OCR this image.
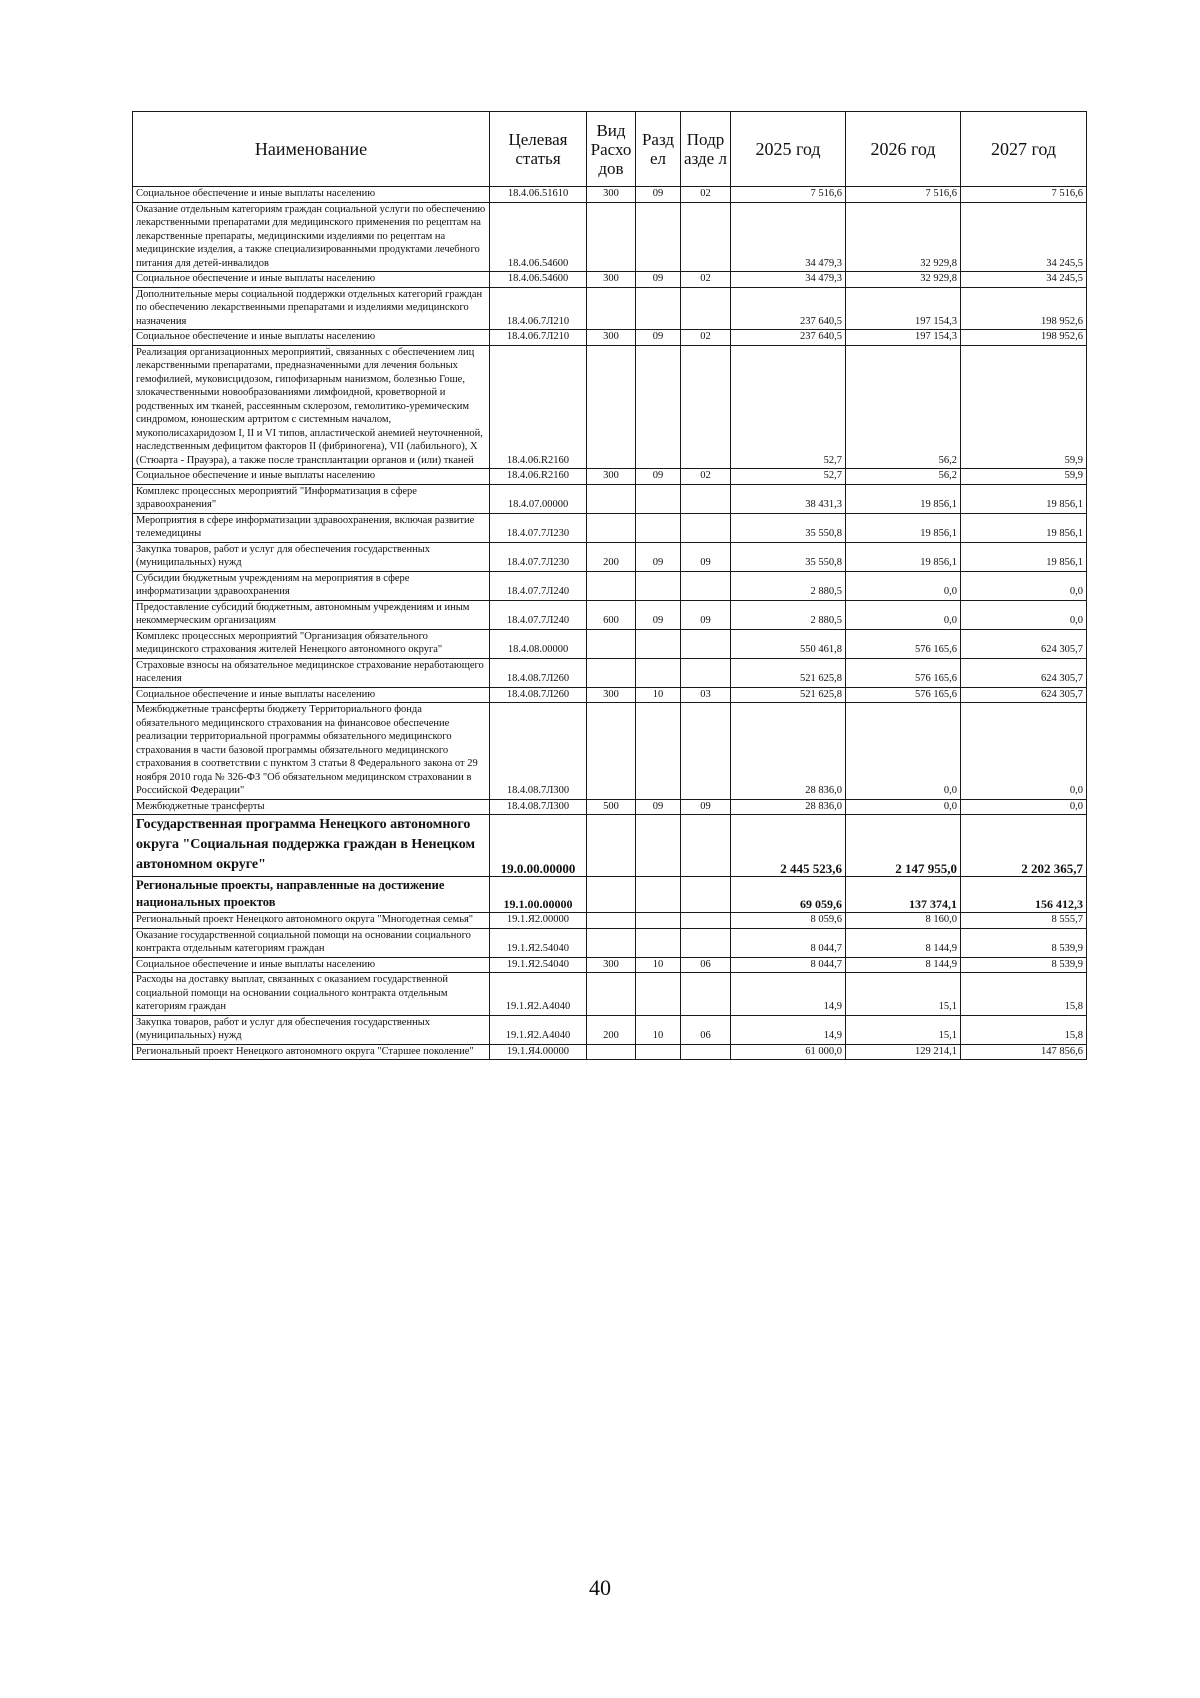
Наименование	Целевая статья	Вид Расхо дов	Разд ел	Подр азде л	2025 год	2026 год	2027 год
Социальное обеспечение и иные выплаты населению	18.4.06.51610	300	09	02	7 516,6	7 516,6	7 516,6
Оказание отдельным категориям граждан социальной услуги по обеспечению лекарственными препаратами для медицинского применения по рецептам на лекарственные препараты, медицинскими изделиями по рецептам на медицинские изделия, а также специализированными продуктами лечебного питания для детей-инвалидов	18.4.06.54600				34 479,3	32 929,8	34 245,5
Социальное обеспечение и иные выплаты населению	18.4.06.54600	300	09	02	34 479,3	32 929,8	34 245,5
Дополнительные меры социальной поддержки отдельных категорий граждан по обеспечению лекарственными препаратами и изделиями медицинского назначения	18.4.06.7Л210				237 640,5	197 154,3	198 952,6
Социальное обеспечение и иные выплаты населению	18.4.06.7Л210	300	09	02	237 640,5	197 154,3	198 952,6
Реализация организационных мероприятий, связанных с обеспечением лиц лекарственными препаратами, предназначенными для лечения больных гемофилией, муковисцидозом, гипофизарным нанизмом, болезнью Гоше, злокачественными новообразованиями лимфоидной, кроветворной и родственных им тканей, рассеянным склерозом, гемолитико-уремическим синдромом, юношеским артритом с системным началом, мукополисахаридозом I, II и VI типов, апластической анемией неуточненной, наследственным дефицитом факторов II (фибриногена), VII (лабильного), X (Стюарта - Прауэра), а также после трансплантации органов и (или) тканей	18.4.06.R2160				52,7	56,2	59,9
Социальное обеспечение и иные выплаты населению	18.4.06.R2160	300	09	02	52,7	56,2	59,9
Комплекс процессных мероприятий "Информатизация в сфере здравоохранения"	18.4.07.00000				38 431,3	19 856,1	19 856,1
Мероприятия в сфере информатизации здравоохранения, включая развитие телемедицины	18.4.07.7Л230				35 550,8	19 856,1	19 856,1
Закупка товаров, работ и услуг для обеспечения государственных (муниципальных) нужд	18.4.07.7Л230	200	09	09	35 550,8	19 856,1	19 856,1
Субсидии бюджетным учреждениям на мероприятия в сфере информатизации здравоохранения	18.4.07.7Л240				2 880,5	0,0	0,0
Предоставление субсидий бюджетным, автономным учреждениям и иным некоммерческим организациям	18.4.07.7Л240	600	09	09	2 880,5	0,0	0,0
Комплекс процессных мероприятий "Организация обязательного медицинского страхования жителей Ненецкого автономного округа"	18.4.08.00000				550 461,8	576 165,6	624 305,7
Страховые взносы на обязательное медицинское страхование неработающего населения	18.4.08.7Л260				521 625,8	576 165,6	624 305,7
Социальное обеспечение и иные выплаты населению	18.4.08.7Л260	300	10	03	521 625,8	576 165,6	624 305,7
Межбюджетные трансферты бюджету Территориального фонда обязательного медицинского страхования на финансовое обеспечение реализации территориальной программы обязательного медицинского страхования в части базовой программы обязательного медицинского страхования в соответствии с пунктом 3 статьи 8 Федерального закона от 29 ноября 2010 года № 326-ФЗ "Об обязательном медицинском страховании в Российской Федерации"	18.4.08.7Л300				28 836,0	0,0	0,0
Межбюджетные трансферты	18.4.08.7Л300	500	09	09	28 836,0	0,0	0,0
Государственная программа Ненецкого автономного округа "Социальная поддержка граждан в Ненецком автономном округе"	19.0.00.00000				2 445 523,6	2 147 955,0	2 202 365,7
Региональные проекты, направленные на достижение национальных проектов	19.1.00.00000				69 059,6	137 374,1	156 412,3
Региональный проект Ненецкого автономного округа "Многодетная семья"	19.1.Я2.00000				8 059,6	8 160,0	8 555,7
Оказание государственной социальной помощи на основании социального контракта отдельным категориям граждан	19.1.Я2.54040				8 044,7	8 144,9	8 539,9
Социальное обеспечение и иные выплаты населению	19.1.Я2.54040	300	10	06	8 044,7	8 144,9	8 539,9
Расходы на доставку выплат, связанных с оказанием государственной социальной помощи на основании социального контракта отдельным категориям граждан	19.1.Я2.А4040				14,9	15,1	15,8
Закупка товаров, работ и услуг для обеспечения государственных (муниципальных) нужд	19.1.Я2.А4040	200	10	06	14,9	15,1	15,8
Региональный проект Ненецкого автономного округа "Старшее поколение"	19.1.Я4.00000				61 000,0	129 214,1	147 856,6
40
